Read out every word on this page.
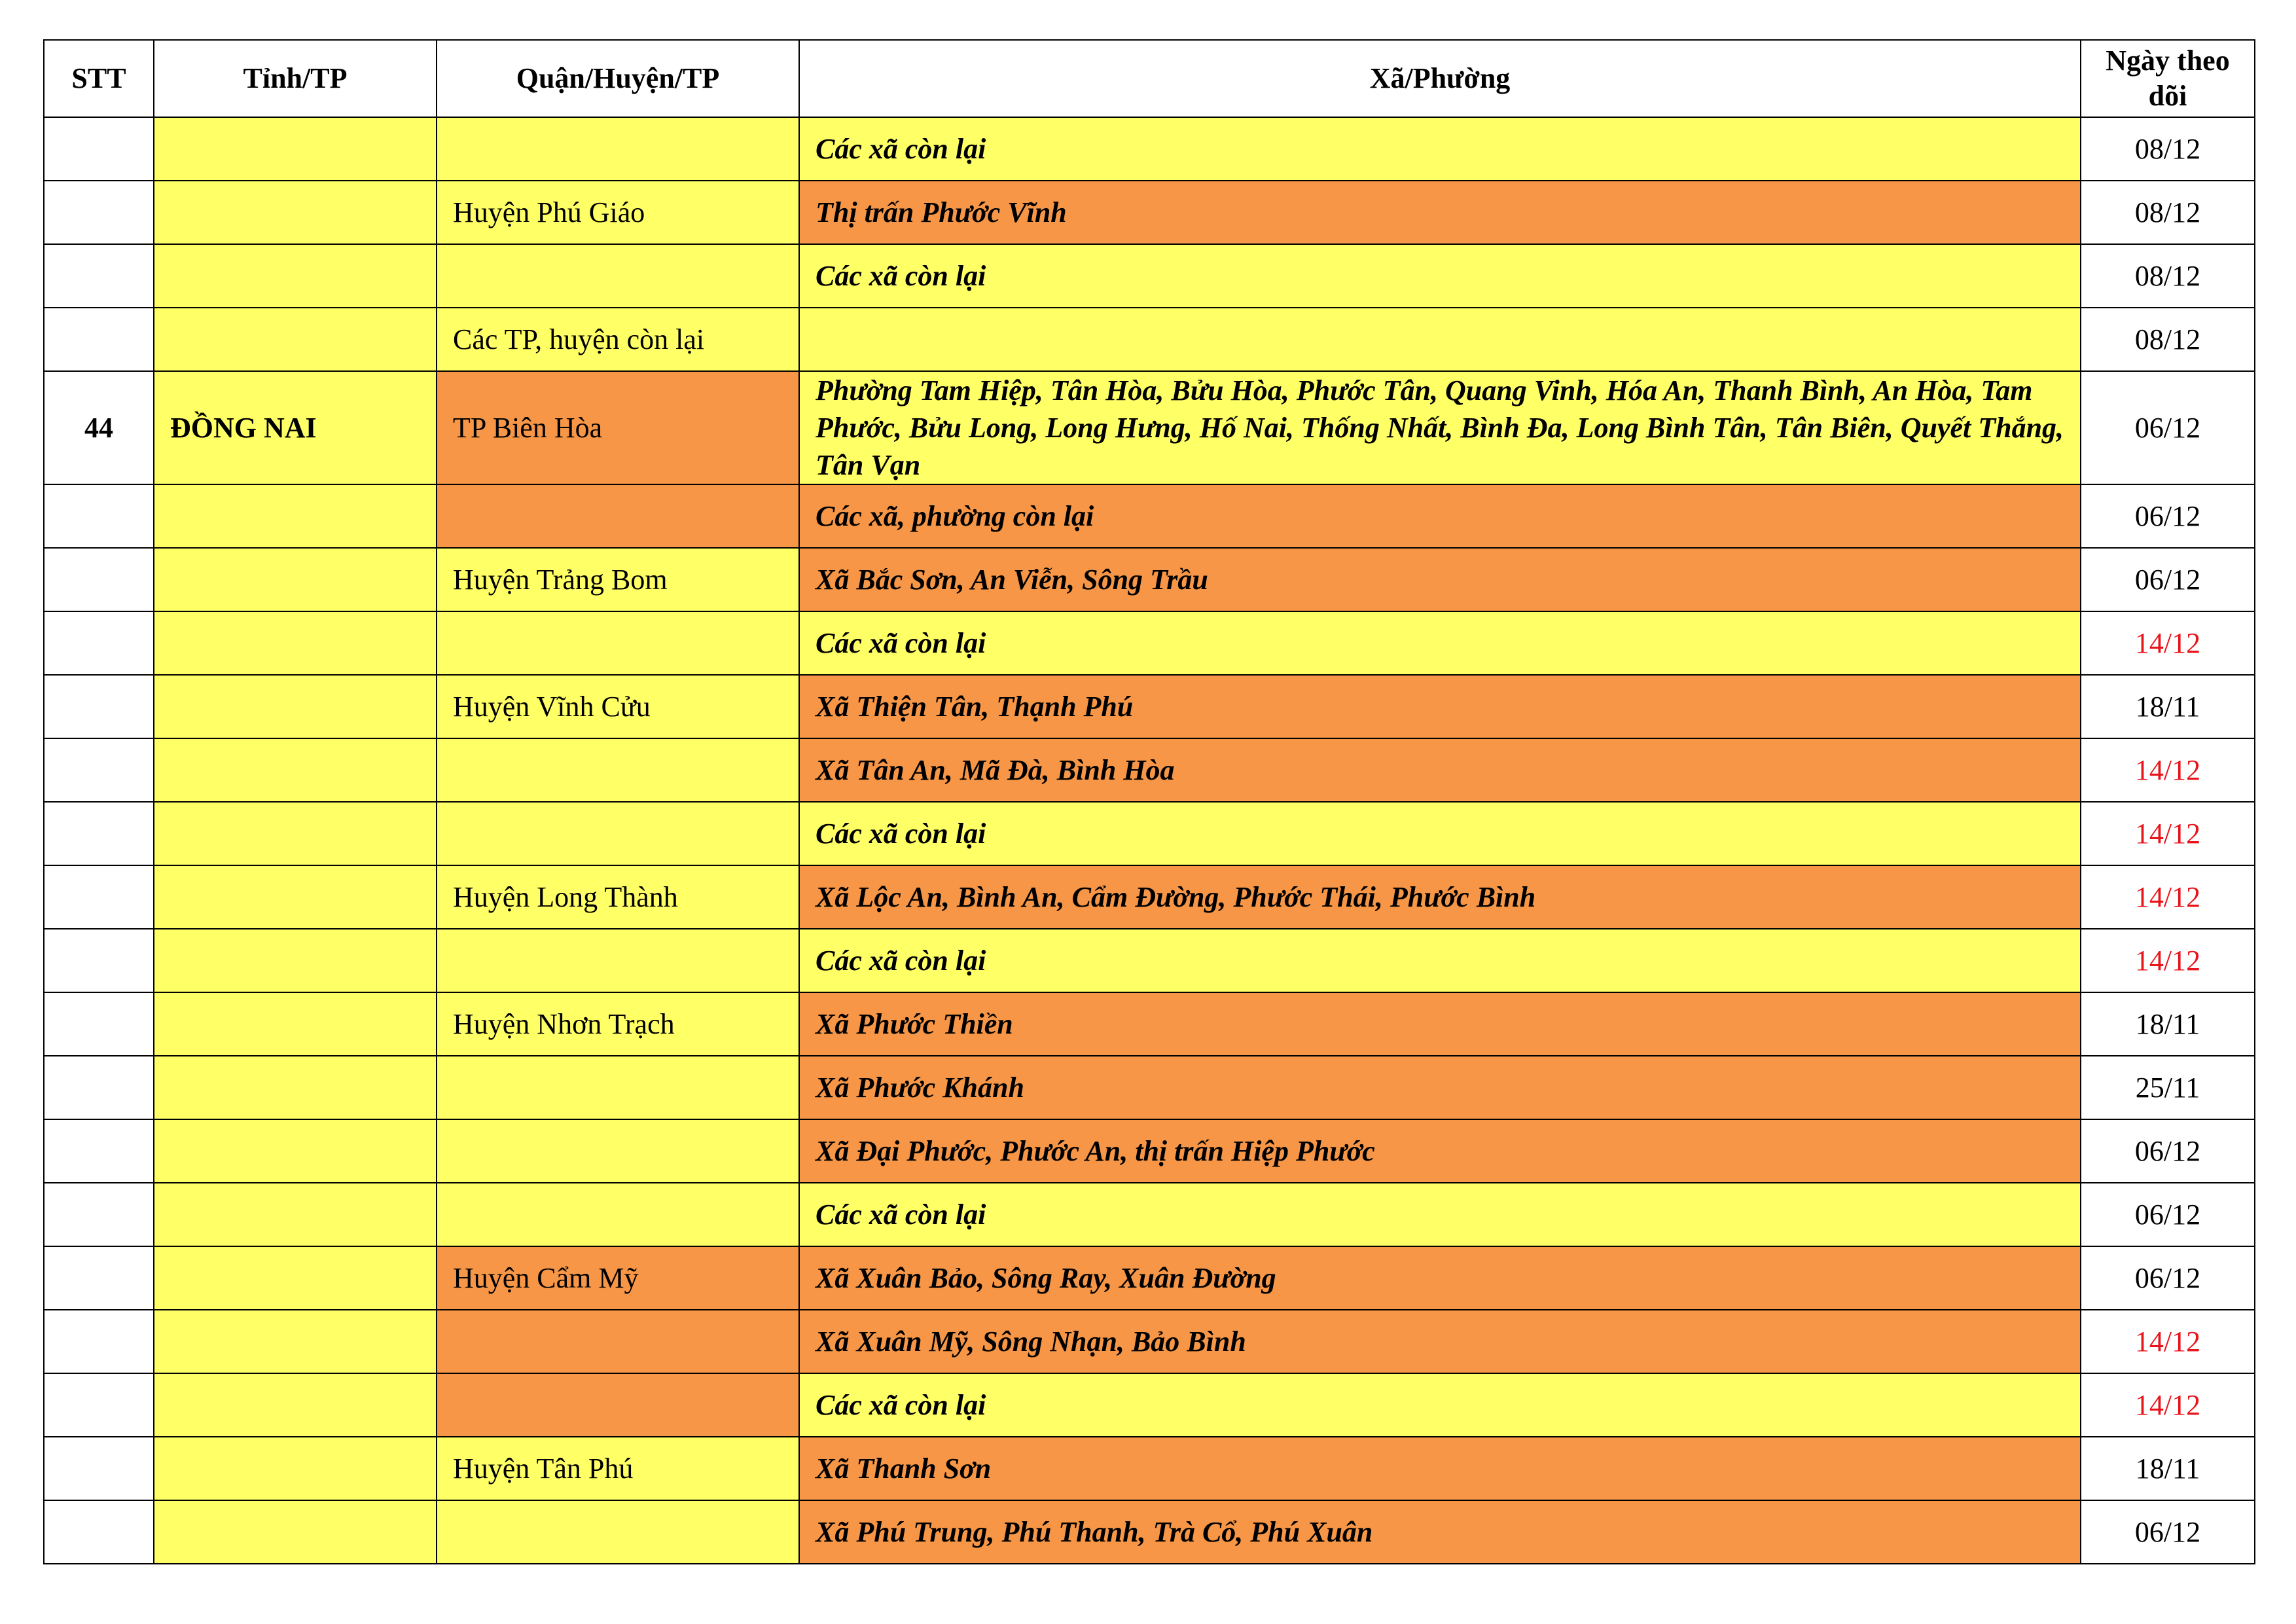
STT	Tỉnh/TP	Quận/Huyện/TP	Xã/Phường	Ngày theo dõi
			Các xã còn lại	08/12
		Huyện Phú Giáo	Thị trấn Phước Vĩnh	08/12
			Các xã còn lại	08/12
		Các TP, huyện còn lại		08/12
44	ĐỒNG NAI	TP Biên Hòa	Phường Tam Hiệp, Tân Hòa, Bửu Hòa, Phước Tân, Quang Vinh, Hóa An, Thanh Bình, An Hòa, Tam Phước, Bửu Long, Long Hưng, Hố Nai, Thống Nhất, Bình Đa, Long Bình Tân, Tân Biên, Quyết Thắng, Tân Vạn	06/12
			Các xã, phường còn lại	06/12
		Huyện Trảng Bom	Xã Bắc Sơn, An Viễn, Sông Trầu	06/12
			Các xã còn lại	14/12
		Huyện Vĩnh Cửu	Xã Thiện Tân, Thạnh Phú	18/11
			Xã Tân An, Mã Đà, Bình Hòa	14/12
			Các xã còn lại	14/12
		Huyện Long Thành	Xã Lộc An, Bình An, Cẩm Đường, Phước Thái, Phước Bình	14/12
			Các xã còn lại	14/12
		Huyện Nhơn Trạch	Xã Phước Thiền	18/11
			Xã Phước Khánh	25/11
			Xã Đại Phước, Phước An, thị trấn Hiệp Phước	06/12
			Các xã còn lại	06/12
		Huyện Cẩm Mỹ	Xã Xuân Bảo, Sông Ray, Xuân Đường	06/12
			Xã Xuân Mỹ, Sông Nhạn, Bảo Bình	14/12
			Các xã còn lại	14/12
		Huyện Tân Phú	Xã Thanh Sơn	18/11
			Xã Phú Trung, Phú Thanh, Trà Cổ, Phú Xuân	06/12
